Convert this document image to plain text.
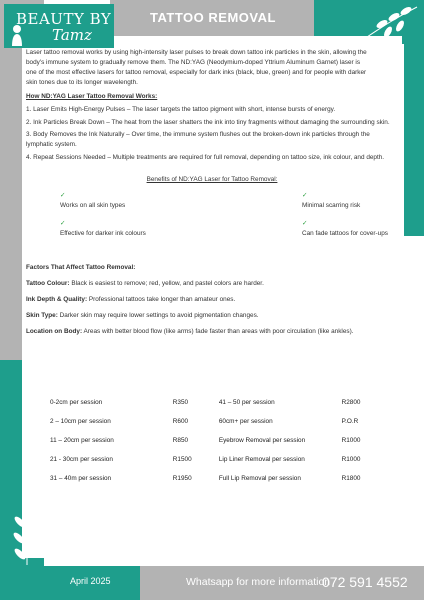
BEAUTY BY
Tamz
TATTOO REMOVAL

Laser tattoo removal works by using high-intensity laser pulses to break down tattoo ink particles in the skin, allowing the body's immune system to gradually remove them. The ND:YAG (Neodymium-doped Yttrium Aluminum Garnet) laser is one of the most effective lasers for tattoo removal, especially for dark inks (black, blue, green) and for people with darker skin tones due to its longer wavelength.

How ND:YAG Laser Tattoo Removal Works:

1. Laser Emits High-Energy Pulses – The laser targets the tattoo pigment with short, intense bursts of energy.

2. Ink Particles Break Down – The heat from the laser shatters the ink into tiny fragments without damaging the surrounding skin.

3. Body Removes the Ink Naturally – Over time, the immune system flushes out the broken-down ink particles through the lymphatic system.

4. Repeat Sessions Needed – Multiple treatments are required for full removal, depending on tattoo size, ink colour, and depth.

Benefits of ND:YAG Laser for Tattoo Removal:

✓
Works on all skin types
✓
Minimal scarring risk
✓
Effective for darker ink colours
✓
Can fade tattoos for cover-ups

Factors That Affect Tattoo Removal:

Tattoo Colour: Black is easiest to remove; red, yellow, and pastel colors are harder.

Ink Depth & Quality: Professional tattoos take longer than amateur ones.

Skin Type: Darker skin may require lower settings to avoid pigmentation changes.

Location on Body: Areas with better blood flow (like arms) fade faster than areas with poor circulation (like ankles).

0-2cm per session	R350	41 – 50 per session	R2800
2 – 10cm per session	R600	60cm+ per session	P.O.R
11 – 20cm per session	R850	Eyebrow Removal per session	R1000
21 - 30cm per session	R1500	Lip Liner Removal per session	R1000
31 – 40m per session	R1950	Full Lip Removal per session	R1800
April 2025	Whatsapp for more information
072 591 4552
